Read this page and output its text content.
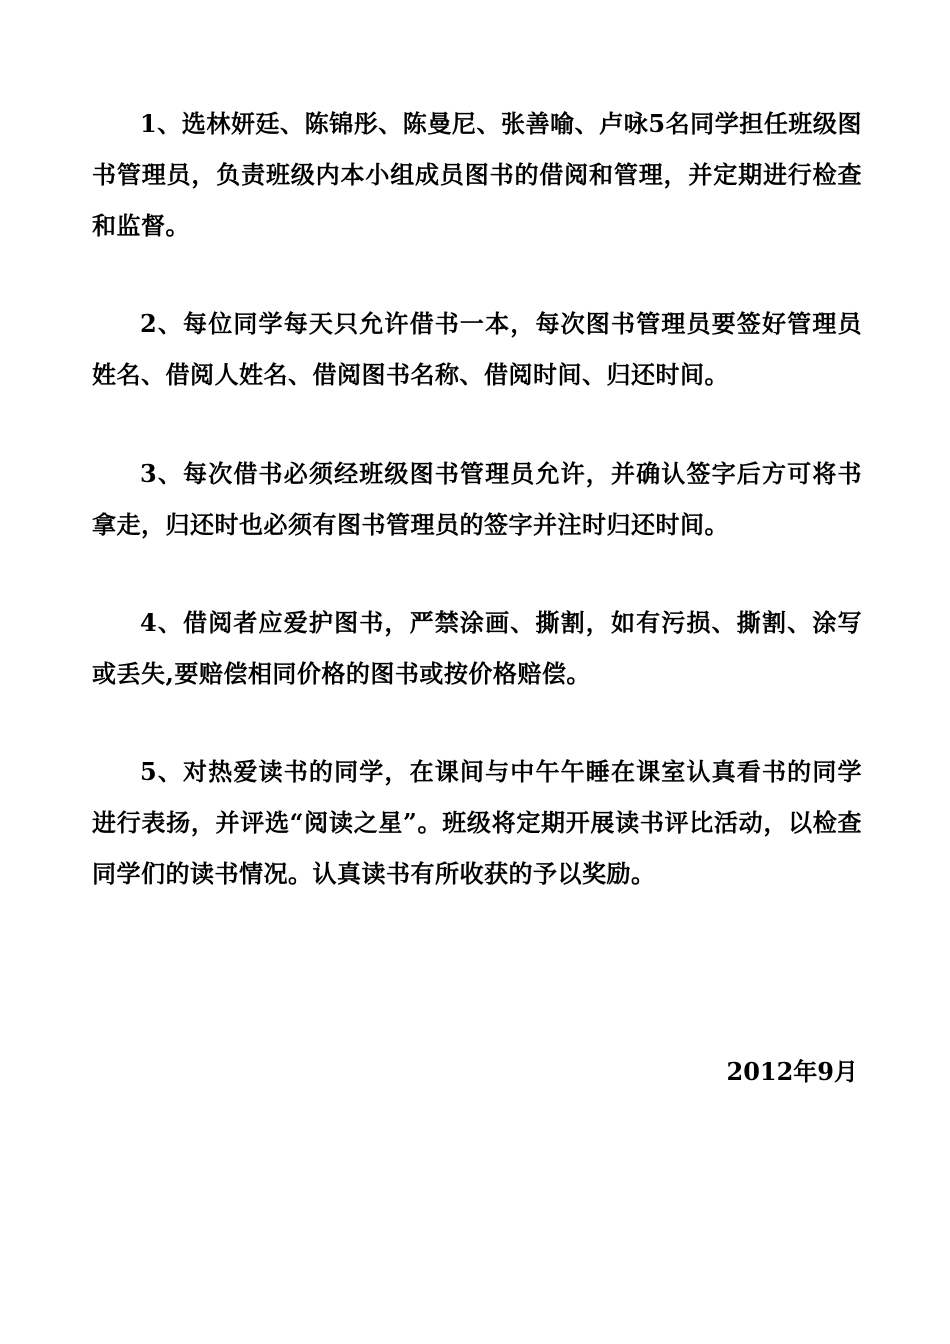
1、选林妍廷、陈锦彤、陈曼尼、张善喻、卢咏5名同学担任班级图书管理员，负责班级内本小组成员图书的借阅和管理，并定期进行检查和监督。

2、每位同学每天只允许借书一本，每次图书管理员要签好管理员姓名、借阅人姓名、借阅图书名称、借阅时间、归还时间。

3、每次借书必须经班级图书管理员允许，并确认签字后方可将书拿走，归还时也必须有图书管理员的签字并注时归还时间。

4、借阅者应爱护图书，严禁涂画、撕割，如有污损、撕割、涂写或丢失,要赔偿相同价格的图书或按价格赔偿。

5、对热爱读书的同学，在课间与中午午睡在课室认真看书的同学进行表扬，并评选“阅读之星”。班级将定期开展读书评比活动，以检查同学们的读书情况。认真读书有所收获的予以奖励。

2012年9月
